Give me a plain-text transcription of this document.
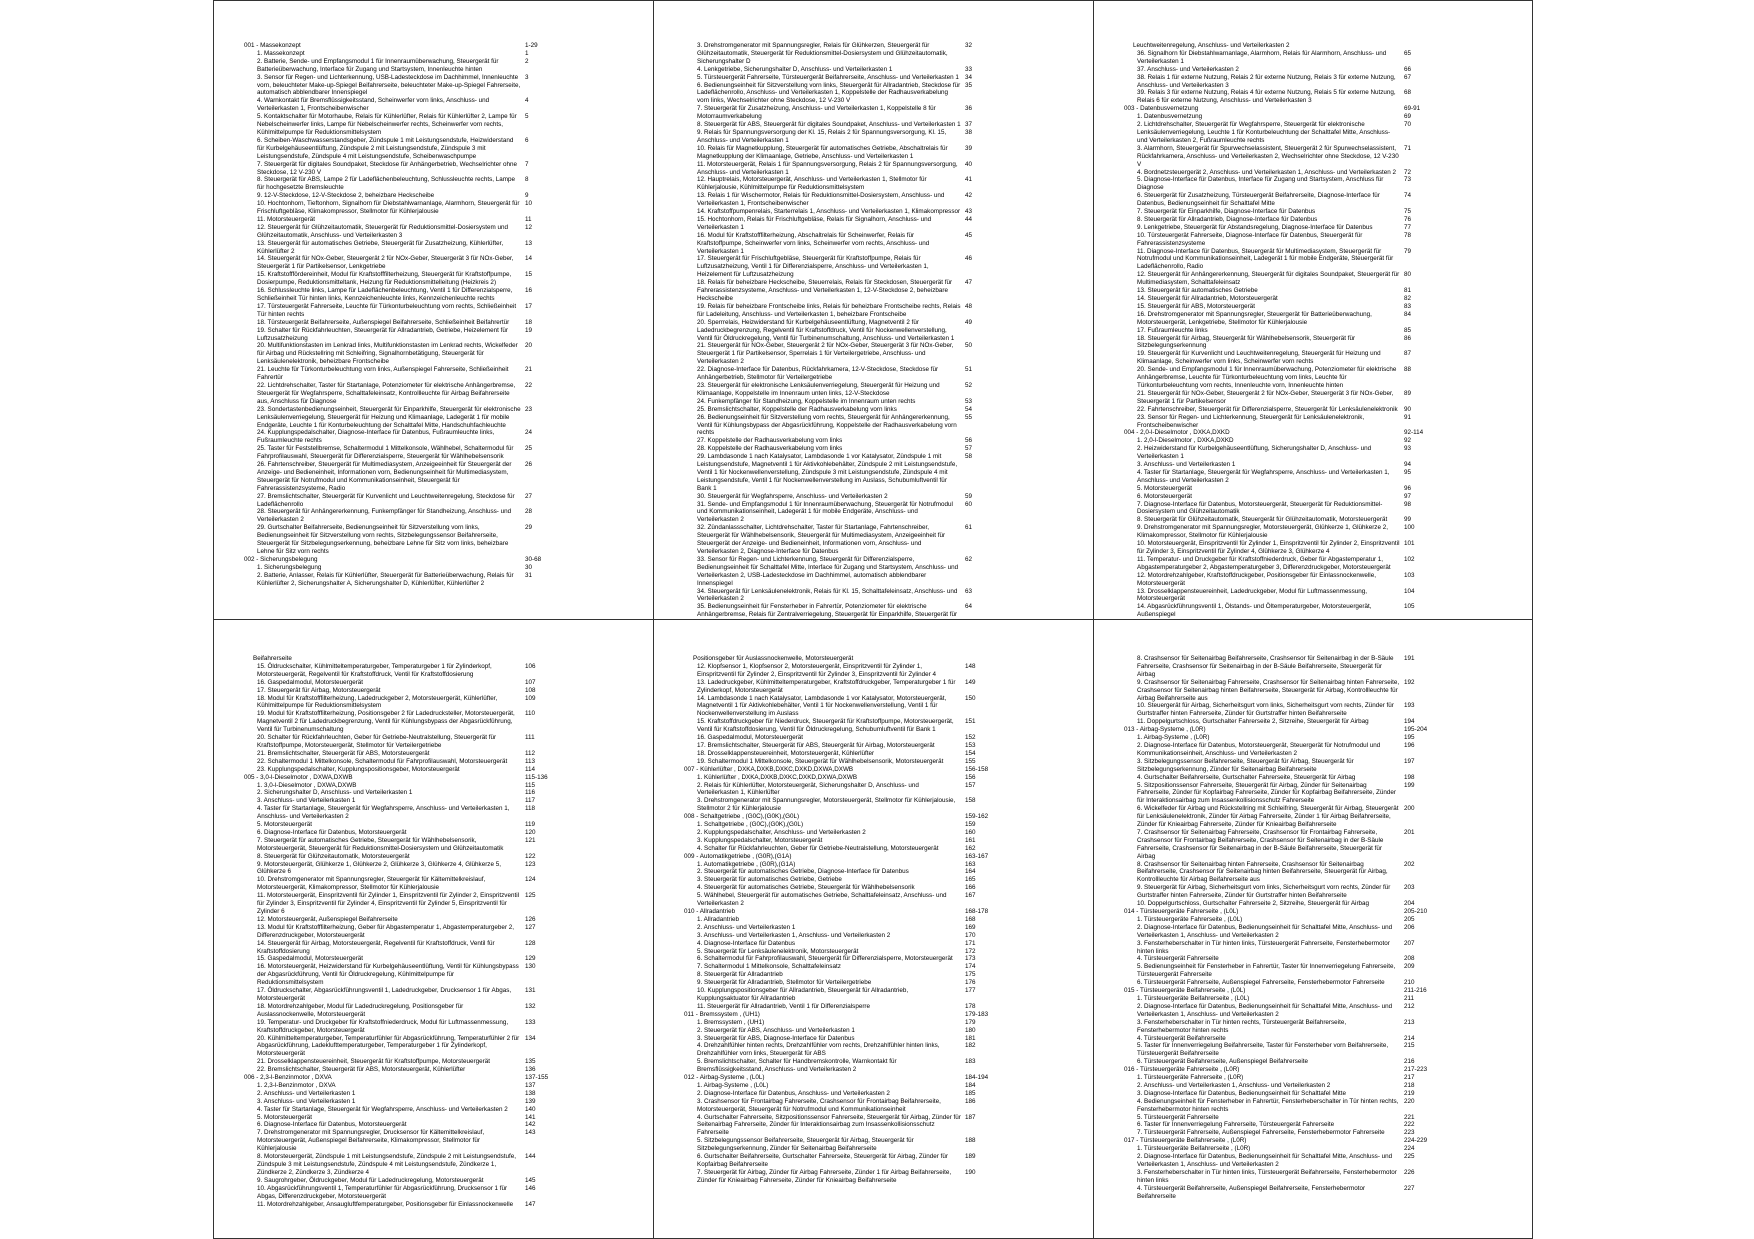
001 - Massekonzept	1-29
1. Massekonzept	1
2. Batterie, Sende- und Empfangsmodul 1 für Innenraumüberwachung, Steuergerät für Batterieüberwachung, Interface für Zugang und Startsystem, Innenleuchte hinten
2
3. Sensor für Regen- und Lichterkennung, USB-Ladesteckdose im Dachhimmel, Innenleuchte vorn, beleuchteter Make-up-Spiegel Beifahrerseite, beleuchteter Make-up-Spiegel Fahrerseite, automatisch abblendbarer Innenspiegel
3
4. Warnkontakt für Bremsflüssigkeitsstand, Scheinwerfer vorn links, Anschluss- und Verteilerkasten 1, Frontscheibenwischer
4
5. Kontaktschalter für Motorhaube, Relais für Kühlerlüfter, Relais für Kühlerlüfter 2, Lampe für Nebelscheinwerfer links, Lampe für Nebelscheinwerfer rechts, Scheinwerfer vorn rechts, Kühlmittelpumpe für Reduktionsmittelsystem
5
6. Scheiben-Waschwasserstandsgeber, Zündspule 1 mit Leistungsendstufe, Heizwiderstand für Kurbelgehäuseentlüftung, Zündspule 2 mit Leistungsendstufe, Zündspule 3 mit Leistungsendstufe, Zündspule 4 mit Leistungsendstufe, Scheibenwaschpumpe
6
7. Steuergerät für digitales Soundpaket, Steckdose für Anhängerbetrieb, Wechselrichter ohne Steckdose, 12 V-230 V
7
8. Steuergerät für ABS, Lampe 2 für Ladeflächenbeleuchtung, Schlussleuchte rechts, Lampe für hochgesetzte Bremsleuchte
8
9. 12-V-Steckdose, 12-V-Steckdose 2, beheizbare Heckscheibe	9
10. Hochtonhorn, Tieftonhorn, Signalhorn für Diebstahlwarnanlage, Alarmhorn, Steuergerät für Frischluftgebläse, Klimakompressor, Stellmotor für Kühlerjalousie
10
11. Motorsteuergerät	11
12. Steuergerät für Glühzeitautomatik, Steuergerät für Reduktionsmittel-Dosiersystem und Glühzeitautomatik, Anschluss- und Verteilerkasten 3
12
13. Steuergerät für automatisches Getriebe, Steuergerät für Zusatzheizung, Kühlerlüfter, Kühlerlüfter 2
13
14. Steuergerät für NOx-Geber, Steuergerät 2 für NOx-Geber, Steuergerät 3 für NOx-Geber, Steuergerät 1 für Partikelsensor, Lenkgetriebe
14
15. Kraftstofffördereinheit, Modul für Kraftstofffilterheizung, Steuergerät für Kraftstoffpumpe, Dosierpumpe, Reduktionsmitteltank, Heizung für Reduktionsmittelleitung (Heizkreis 2)
15
16. Schlussleuchte links, Lampe für Ladeflächenbeleuchtung, Ventil 1 für Differenzialsperre, Schließeinheit Tür hinten links, Kennzeichenleuchte links, Kennzeichenleuchte rechts
16
17. Türsteuergerät Fahrerseite, Leuchte für Türkonturbeleuchtung vorn rechts, Schließeinheit Tür hinten rechts
17
18. Türsteuergerät Beifahrerseite, Außenspiegel Beifahrerseite, Schließeinheit Beifahrertür	18
19. Schalter für Rückfahrleuchten, Steuergerät für Allradantrieb, Getriebe, Heizelement für Luftzusatzheizung
19
20. Multifunktionstasten im Lenkrad links, Multifunktionstasten im Lenkrad rechts, Wickelfeder für Airbag und Rückstellring mit Schleifring, Signalhornbetätigung, Steuergerät für Lenksäulenelektronik, beheizbare Frontscheibe
20
21. Leuchte für Türkonturbeleuchtung vorn links, Außenspiegel Fahrerseite, Schließeinheit Fahrertür
21
22. Lichtdrehschalter, Taster für Startanlage, Potenziometer für elektrische Anhängerbremse, Steuergerät für Wegfahrsperre, Schalttafeleinsatz, Kontrollleuchte für Airbag Beifahrerseite aus, Anschluss für Diagnose
22
23. Sondertastenbedienungseinheit, Steuergerät für Einparkhilfe, Steuergerät für elektronische Lenksäulenverriegelung, Steuergerät für Heizung und Klimaanlage, Ladegerät 1 für mobile Endgeräte, Leuchte 1 für Konturbeleuchtung der Schalttafel Mitte, Handschuhfachleuchte
23
24. Kupplungspedalschalter, Diagnose-Interface für Datenbus, Fußraumleuchte links, Fußraumleuchte rechts
24
25. Taster für Feststellbremse, Schaltermodul 1 Mittelkonsole, Wählhebel, Schaltermodul für Fahrprofilauswahl, Steuergerät für Differenzialsperre, Steuergerät für Wählhebelsensorik
25
26. Fahrtenschreiber, Steuergerät für Multimediasystem, Anzeigeeinheit für Steuergerät der Anzeige- und Bedieneinheit, Informationen vorn, Bedienungseinheit für Multimediasystem, Steuergerät für Notrufmodul und Kommunikationseinheit, Steuergerät für Fahrerassistenzsysteme, Radio
26
27. Bremslichtschalter, Steuergerät für Kurvenlicht und Leuchtweitenregelung, Steckdose für Ladeflächenrollo
27
28. Steuergerät für Anhängererkennung, Funkempfänger für Standheizung, Anschluss- und Verteilerkasten 2
28
29. Gurtschalter Beifahrerseite, Bedienungseinheit für Sitzverstellung vorn links, Bedienungseinheit für Sitzverstellung vorn rechts, Sitzbelegungssensor Beifahrerseite, Steuergerät für Sitzbelegungserkennung, beheizbare Lehne für Sitz vorn links, beheizbare Lehne für Sitz vorn rechts
29
002 - Sicherungsbelegung	30-68
1. Sicherungsbelegung	30
2. Batterie, Anlasser, Relais für Kühlerlüfter, Steuergerät für Batterieüberwachung, Relais für Kühlerlüfter 2, Sicherungshalter A, Sicherungshalter D, Kühlerlüfter, Kühlerlüfter 2
31
3. Drehstromgenerator mit Spannungsregler, Relais für Glühkerzen, Steuergerät für Glühzeitautomatik, Steuergerät für Reduktionsmittel-Dosiersystem und Glühzeitautomatik, Sicherungshalter D
32
4. Lenkgetriebe, Sicherungshalter D, Anschluss- und Verteilerkasten 1	33
5. Türsteuergerät Fahrerseite, Türsteuergerät Beifahrerseite, Anschluss- und Verteilerkasten 1 34
6. Bedienungseinheit für Sitzverstellung vorn links, Steuergerät für Allradantrieb, Steckdose für Ladeflächenrollo, Anschluss- und Verteilerkasten 1, Koppelstelle der Radhausverkabelung vorn links, Wechselrichter ohne Steckdose, 12 V-230 V
35
7. Steuergerät für Zusatzheizung, Anschluss- und Verteilerkasten 1, Koppelstelle 8 für Motorraumverkabelung
36
8. Steuergerät für ABS, Steuergerät für digitales Soundpaket, Anschluss- und Verteilerkasten 1 37
9. Relais für Spannungsversorgung der Kl. 15, Relais 2 für Spannungsversorgung, Kl. 15, Anschluss- und Verteilerkasten 1
38
10. Relais für Magnetkupplung, Steuergerät für automatisches Getriebe, Abschaltrelais für Magnetkupplung der Klimaanlage, Getriebe, Anschluss- und Verteilerkasten 1
39
11. Motorsteuergerät, Relais 1 für Spannungsversorgung, Relais 2 für Spannungsversorgung, Anschluss- und Verteilerkasten 1
40
12. Hauptrelais, Motorsteuergerät, Anschluss- und Verteilerkasten 1, Stellmotor für Kühlerjalousie, Kühlmittelpumpe für Reduktionsmittelsystem
41
13. Relais 1 für Wischermotor, Relais für Reduktionsmittel-Dosiersystem, Anschluss- und Verteilerkasten 1, Frontscheibenwischer
42
14. Kraftstoffpumpenrelais, Starterrelais 1, Anschluss- und Verteilerkasten 1, Klimakompressor 43
15. Hochtonhorn, Relais für Frischluftgebläse, Relais für Signalhorn, Anschluss- und Verteilerkasten 1
44
16. Modul für Kraftstofffilterheizung, Abschaltrelais für Scheinwerfer, Relais für Kraftstoffpumpe, Scheinwerfer vorn links, Scheinwerfer vorn rechts, Anschluss- und Verteilerkasten 1
45
17. Steuergerät für Frischluftgebläse, Steuergerät für Kraftstoffpumpe, Relais für Luftzusatzheizung, Ventil 1 für Differenzialsperre, Anschluss- und Verteilerkasten 1, Heizelement für Luftzusatzheizung
46
18. Relais für beheizbare Heckscheibe, Steuerrelais, Relais für Steckdosen, Steuergerät für Fahrerassistenzsysteme, Anschluss- und Verteilerkasten 1, 12-V-Steckdose 2, beheizbare Heckscheibe
47
19. Relais für beheizbare Frontscheibe links, Relais für beheizbare Frontscheibe rechts, Relais für Ladeleitung, Anschluss- und Verteilerkasten 1, beheizbare Frontscheibe
48
20. Sperrrelais, Heizwiderstand für Kurbelgehäuseentlüftung, Magnetventil 2 für Ladedruckbegrenzung, Regelventil für Kraftstoffdruck, Ventil für Nockenwellenverstellung, Ventil für Öldruckregelung, Ventil für Turbinenumschaltung, Anschluss- und Verteilerkasten 1
49
21. Steuergerät für NOx-Geber, Steuergerät 2 für NOx-Geber, Steuergerät 3 für NOx-Geber, Steuergerät 1 für Partikelsensor, Sperrelais 1 für Verteilergetriebe, Anschluss- und Verteilerkasten 2
50
22. Diagnose-Interface für Datenbus, Rückfahrkamera, 12-V-Steckdose, Steckdose für Anhängerbetrieb, Stellmotor für Verteilergetriebe
51
23. Steuergerät für elektronische Lenksäulenverriegelung, Steuergerät für Heizung und Klimaanlage, Koppelstelle im Innenraum unten links, 12-V-Steckdose
52
24. Funkempfänger für Standheizung, Koppelstelle im Innenraum unten rechts	53
25. Bremslichtschalter, Koppelstelle der Radhausverkabelung vorn links	54
26. Bedienungseinheit für Sitzverstellung vorn rechts, Steuergerät für Anhängererkennung, Ventil für Kühlungsbypass der Abgasrückführung, Koppelstelle der Radhausverkabelung vorn rechts
55
27. Koppelstelle der Radhausverkabelung vorn links	56
28. Koppelstelle der Radhausverkabelung vorn links	57
29. Lambdasonde 1 nach Katalysator, Lambdasonde 1 vor Katalysator, Zündspule 1 mit Leistungsendstufe, Magnetventil 1 für Aktivkohlebehälter, Zündspule 2 mit Leistungsendstufe, Ventil 1 für Nockenwellenverstellung, Zündspule 3 mit Leistungsendstufe, Zündspule 4 mit Leistungsendstufe, Ventil 1 für Nockenwellenverstellung im Auslass, Schubumluftventil für Bank 1
58
30. Steuergerät für Wegfahrsperre, Anschluss- und Verteilerkasten 2	59
31. Sende- und Empfangsmodul 1 für Innenraumüberwachung, Steuergerät für Notrufmodul und Kommunikationseinheit, Ladegerät 1 für mobile Endgeräte, Anschluss- und Verteilerkasten 2
60
32. Zündanlassschalter, Lichtdrehschalter, Taster für Startanlage, Fahrtenschreiber, Steuergerät für Wählhebelsensorik, Steuergerät für Multimediasystem, Anzeigeeinheit für Steuergerät der Anzeige- und Bedieneinheit, Informationen vorn, Anschluss- und Verteilerkasten 2, Diagnose-Interface für Datenbus
61
33. Sensor für Regen- und Lichterkennung, Steuergerät für Differenzialsperre, Bedienungseinheit für Schalttafel Mitte, Interface für Zugang und Startsystem, Anschluss- und Verteilerkasten 2, USB-Ladesteckdose im Dachhimmel, automatisch abblendbarer Innenspiegel
62
34. Steuergerät für Lenksäulenelektronik, Relais für Kl. 15, Schalttafeleinsatz, Anschluss- und Verteilerkasten 2
63
35. Bedienungseinheit für Fensterheber in Fahrertür, Potenziometer für elektrische Anhängerbremse, Relais für Zentralverriegelung, Steuergerät für Einparkhilfe, Steuergerät für
64
Leuchtweitenregelung, Anschluss- und Verteilerkasten 2
36. Signalhorn für Diebstahlwarnanlage, Alarmhorn, Relais für Alarmhorn, Anschluss- und Verteilerkasten 1
65
37. Anschluss- und Verteilerkasten 2	66
38. Relais 1 für externe Nutzung, Relais 2 für externe Nutzung, Relais 3 für externe Nutzung, Anschluss- und Verteilerkasten 3
67
39. Relais 3 für externe Nutzung, Relais 4 für externe Nutzung, Relais 5 für externe Nutzung, Relais 6 für externe Nutzung, Anschluss- und Verteilerkasten 3
68
003 - Datenbusvernetzung	69-91
1. Datenbusvernetzung	69
2. Lichtdrehschalter, Steuergerät für Wegfahrsperre, Steuergerät für elektronische Lenksäulenverriegelung, Leuchte 1 für Konturbeleuchtung der Schalttafel Mitte, Anschluss- und Verteilerkasten 2, Fußraumleuchte rechts
70
3. Alarmhorn, Steuergerät für Spurwechselassistent, Steuergerät 2 für Spurwechselassistent, Rückfahrkamera, Anschluss- und Verteilerkasten 2, Wechselrichter ohne Steckdose, 12 V-230 V
71
4. Bordnetzsteuergerät 2, Anschluss- und Verteilerkasten 1, Anschluss- und Verteilerkasten 2	72
5. Diagnose-Interface für Datenbus, Interface für Zugang und Startsystem, Anschluss für Diagnose
73
6. Steuergerät für Zusatzheizung, Türsteuergerät Beifahrerseite, Diagnose-Interface für Datenbus, Bedienungseinheit für Schalttafel Mitte
74
7. Steuergerät für Einparkhilfe, Diagnose-Interface für Datenbus	75
8. Steuergerät für Allradantrieb, Diagnose-Interface für Datenbus	76
9. Lenkgetriebe, Steuergerät für Abstandsregelung, Diagnose-Interface für Datenbus	77
10. Türsteuergerät Fahrerseite, Diagnose-Interface für Datenbus, Steuergerät für Fahrerassistenzsysteme
78
11. Diagnose-Interface für Datenbus, Steuergerät für Multimediasystem, Steuergerät für Notrufmodul und Kommunikationseinheit, Ladegerät 1 für mobile Endgeräte, Steuergerät für Ladeflächenrollo, Radio
79
12. Steuergerät für Anhängererkennung, Steuergerät für digitales Soundpaket, Steuergerät für Multimediasystem, Schalttafeleinsatz
80
13. Steuergerät für automatisches Getriebe	81
14. Steuergerät für Allradantrieb, Motorsteuergerät	82
15. Steuergerät für ABS, Motorsteuergerät	83
16. Drehstromgenerator mit Spannungsregler, Steuergerät für Batterieüberwachung, Motorsteuergerät, Lenkgetriebe, Stellmotor für Kühlerjalousie
84
17. Fußraumleuchte links	85
18. Steuergerät für Airbag, Steuergerät für Wählhebelsensorik, Steuergerät für Sitzbelegungserkennung
86
19. Steuergerät für Kurvenlicht und Leuchtweitenregelung, Steuergerät für Heizung und Klimaanlage, Scheinwerfer vorn links, Scheinwerfer vorn rechts
87
20. Sende- und Empfangsmodul 1 für Innenraumüberwachung, Potenziometer für elektrische Anhängerbremse, Leuchte für Türkonturbeleuchtung vorn links, Leuchte für Türkonturbeleuchtung vorn rechts, Innenleuchte vorn, Innenleuchte hinten
88
21. Steuergerät für NOx-Geber, Steuergerät 2 für NOx-Geber, Steuergerät 3 für NOx-Geber, Steuergerät 1 für Partikelsensor
89
22. Fahrtenschreiber, Steuergerät für Differenzialsperre, Steuergerät für Lenksäulenelektronik	90
23. Sensor für Regen- und Lichterkennung, Steuergerät für Lenksäulenelektronik, Frontscheibenwischer
91
004 - 2,0-l-Dieselmotor , DXKA,DXKD	92-114
1. 2,0-l-Dieselmotor , DXKA,DXKD	92
2. Heizwiderstand für Kurbelgehäuseentlüftung, Sicherungshalter D, Anschluss- und Verteilerkasten 1
93
3. Anschluss- und Verteilerkasten 1	94
4. Taster für Startanlage, Steuergerät für Wegfahrsperre, Anschluss- und Verteilerkasten 1, Anschluss- und Verteilerkasten 2
95
5. Motorsteuergerät	96
6. Motorsteuergerät	97
7. Diagnose-Interface für Datenbus, Motorsteuergerät, Steuergerät für Reduktionsmittel-Dosiersystem und Glühzeitautomatik
98
8. Steuergerät für Glühzeitautomatik, Steuergerät für Glühzeitautomatik, Motorsteuergerät	99
9. Drehstromgenerator mit Spannungsregler, Motorsteuergerät, Glühkerze 1, Glühkerze 2, Klimakompressor, Stellmotor für Kühlerjalousie
100
10. Motorsteuergerät, Einspritzventil für Zylinder 1, Einspritzventil für Zylinder 2, Einspritzventil für Zylinder 3, Einspritzventil für Zylinder 4, Glühkerze 3, Glühkerze 4
101
11. Temperatur- und Druckgeber für Kraftstoffniederdruck, Geber für Abgastemperatur 1, Abgastemperaturgeber 2, Abgastemperaturgeber 3, Differenzdruckgeber, Motorsteuergerät
102
12. Motordrehzahlgeber, Kraftstoffdruckgeber, Positionsgeber für Einlassnockenwelle, Motorsteuergerät
103
13. Drosselklappensteuereinheit, Ladedruckgeber, Modul für Luftmassenmessung, Motorsteuergerät
104
14. Abgasrückführungsventil 1, Ölstands- und Öltemperaturgeber, Motorsteuergerät, Außenspiegel
105
Beifahrerseite
15. Öldruckschalter, Kühlmitteltemperaturgeber, Temperaturgeber 1 für Zylinderkopf, Motorsteuergerät, Regelventil für Kraftstoffdruck, Ventil für Kraftstoffdosierung
106
16. Gaspedalmodul, Motorsteuergerät	107
17. Steuergerät für Airbag, Motorsteuergerät	108
18. Modul für Kraftstofffilterheizung, Ladedruckgeber 2, Motorsteuergerät, Kühlerlüfter, Kühlmittelpumpe für Reduktionsmittelsystem
109
19. Modul für Kraftstofffilterheizung, Positionsgeber 2 für Ladedrucksteller, Motorsteuergerät, Magnetventil 2 für Ladedruckbegrenzung, Ventil für Kühlungsbypass der Abgasrückführung, Ventil für Turbinenumschaltung
110
20. Schalter für Rückfahrleuchten, Geber für Getriebe-Neutralstellung, Steuergerät für Kraftstoffpumpe, Motorsteuergerät, Stellmotor für Verteilergetriebe
111
21. Bremslichtschalter, Steuergerät für ABS, Motorsteuergerät	112
22. Schaltermodul 1 Mittelkonsole, Schaltermodul für Fahrprofilauswahl, Motorsteuergerät	113
23. Kupplungspedalschalter, Kupplungspositionsgeber, Motorsteuergerät	114
005 - 3,0-l-Dieselmotor , DXWA,DXWB	115-136
1. 3,0-l-Dieselmotor , DXWA,DXWB	115
2. Sicherungshalter D, Anschluss- und Verteilerkasten 1	116
3. Anschluss- und Verteilerkasten 1	117
4. Taster für Startanlage, Steuergerät für Wegfahrsperre, Anschluss- und Verteilerkasten 1, Anschluss- und Verteilerkasten 2
118
5. Motorsteuergerät	119
6. Diagnose-Interface für Datenbus, Motorsteuergerät	120
7. Steuergerät für automatisches Getriebe, Steuergerät für Wählhebelsensorik, Motorsteuergerät, Steuergerät für Reduktionsmittel-Dosiersystem und Glühzeitautomatik
121
8. Steuergerät für Glühzeitautomatik, Motorsteuergerät	122
9. Motorsteuergerät, Glühkerze 1, Glühkerze 2, Glühkerze 3, Glühkerze 4, Glühkerze 5, Glühkerze 6
123
10. Drehstromgenerator mit Spannungsregler, Steuergerät für Kältemittelkreislauf, Motorsteuergerät, Klimakompressor, Stellmotor für Kühlerjalousie
124
11. Motorsteuergerät, Einspritzventil für Zylinder 1, Einspritzventil für Zylinder 2, Einspritzventil für Zylinder 3, Einspritzventil für Zylinder 4, Einspritzventil für Zylinder 5, Einspritzventil für Zylinder 6
125
12. Motorsteuergerät, Außenspiegel Beifahrerseite	126
13. Modul für Kraftstofffilterheizung, Geber für Abgastemperatur 1, Abgastemperaturgeber 2, Differenzdruckgeber, Motorsteuergerät
127
14. Steuergerät für Airbag, Motorsteuergerät, Regelventil für Kraftstoffdruck, Ventil für Kraftstoffdosierung
128
15. Gaspedalmodul, Motorsteuergerät	129
16. Motorsteuergerät, Heizwiderstand für Kurbelgehäuseentlüftung, Ventil für Kühlungsbypass der Abgasrückführung, Ventil für Öldruckregelung, Kühlmittelpumpe für Reduktionsmittelsystem
130
17. Öldruckschalter, Abgasrückführungsventil 1, Ladedruckgeber, Drucksensor 1 für Abgas, Motorsteuergerät
131
18. Motordrehzahlgeber, Modul für Ladedruckregelung, Positionsgeber für Auslassnockenwelle, Motorsteuergerät
132
19. Temperatur- und Druckgeber für Kraftstoffniederdruck, Modul für Luftmassenmessung, Kraftstoffdruckgeber, Motorsteuergerät
133
20. Kühlmitteltemperaturgeber, Temperaturfühler für Abgasrückführung, Temperaturfühler 2 für Abgasrückführung, Ladeklufttemperaturgeber, Temperaturgeber 1 für Zylinderkopf, Motorsteuergerät
134
21. Drosselklappensteuereinheit, Steuergerät für Kraftstoffpumpe, Motorsteuergerät	135
22. Bremslichtschalter, Steuergerät für ABS, Motorsteuergerät, Kühlerlüfter	136
006 - 2,3-l-Benzinmotor , DXVA	137-155
1. 2,3-l-Benzinmotor , DXVA	137
2. Anschluss- und Verteilerkasten 1	138
3. Anschluss- und Verteilerkasten 1	139
4. Taster für Startanlage, Steuergerät für Wegfahrsperre, Anschluss- und Verteilerkasten 2	140
5. Motorsteuergerät	141
6. Diagnose-Interface für Datenbus, Motorsteuergerät	142
7. Drehstromgenerator mit Spannungsregler, Drucksensor für Kältemittelkreislauf, Motorsteuergerät, Außenspiegel Beifahrerseite, Klimakompressor, Stellmotor für Kühlerjalousie
143
8. Motorsteuergerät, Zündspule 1 mit Leistungsendstufe, Zündspule 2 mit Leistungsendstufe, Zündspule 3 mit Leistungsendstufe, Zündspule 4 mit Leistungsendstufe, Zündkerze 1, Zündkerze 2, Zündkerze 3, Zündkerze 4
144
9. Saugrohrgeber, Öldruckgeber, Modul für Ladedruckregelung, Motorsteuergerät	145
10. Abgasrückführungsventil 1, Temperaturfühler für Abgasrückführung, Drucksensor 1 für Abgas, Differenzdruckgeber, Motorsteuergerät
146
11. Motordrehzahlgeber, Ansaugluftfemperaturgeber, Positionsgeber für Einlassnockenwelle	147
Positionsgeber für Auslassnockenwelle, Motorsteuergerät
12. Klopfsensor 1, Klopfsensor 2, Motorsteuergerät, Einspritzventil für Zylinder 1, Einspritzventil für Zylinder 2, Einspritzventil für Zylinder 3, Einspritzventil für Zylinder 4
148
13. Ladedruckgeber, Kühlmitteltemperaturgeber, Kraftstoffdruckgeber, Temperaturgeber 1 für Zylinderkopf, Motorsteuergerät
149
14. Lambdasonde 1 nach Katalysator, Lambdasonde 1 vor Katalysator, Motorsteuergerät, Magnetventil 1 für Aktivkohlebehälter, Ventil 1 für Nockenwellenverstellung, Ventil 1 für Nockenwellenverstellung im Auslass
150
15. Kraftstoffdruckgeber für Niederdruck, Steuergerät für Kraftstoffpumpe, Motorsteuergerät, Ventil für Kraftstoffdosierung, Ventil für Öldruckregelung, Schubumluftventil für Bank 1
151
16. Gaspedalmodul, Motorsteuergerät	152
17. Bremslichtschalter, Steuergerät für ABS, Steuergerät für Airbag, Motorsteuergerät	153
18. Drosselklappensteuereinheit, Motorsteuergerät, Kühlerlüfter	154
19. Schaltermodul 1 Mittelkonsole, Steuergerät für Wählhebelsensorik, Motorsteuergerät	155
007 - Kühlerlüfter , DXKA,DXKB,DXKC,DXKD,DXWA,DXWB	156-158
1. Kühlerlüfter , DXKA,DXKB,DXKC,DXKD,DXWA,DXWB	156
2. Relais für Kühlerlüfter, Motorsteuergerät, Sicherungshalter D, Anschluss- und Verteilerkasten 1, Kühlerlüfter
157
3. Drehstromgenerator mit Spannungsregler, Motorsteuergerät, Stellmotor für Kühlerjalousie, Stellmotor 2 für Kühlerjalousie
158
008 - Schaltgetriebe , (G0C),(G0K),(G0L)	159-162
1. Schaltgetriebe , (G0C),(G0K),(G0L)	159
2. Kupplungspedalschalter, Anschluss- und Verteilerkasten 2	160
3. Kupplungspedalschalter, Motorsteuergerät	161
4. Schalter für Rückfahrleuchten, Geber für Getriebe-Neutralstellung, Motorsteuergerät	162
009 - Automatikgetriebe , (G0R),(G1A)	163-167
1. Automatikgetriebe , (G0R),(G1A)	163
2. Steuergerät für automatisches Getriebe, Diagnose-Interface für Datenbus	164
3. Steuergerät für automatisches Getriebe, Getriebe	165
4. Steuergerät für automatisches Getriebe, Steuergerät für Wählhebelsensorik	166
5. Wählhebel, Steuergerät für automatisches Getriebe, Schalttafeleinsatz, Anschluss- und Verteilerkasten 2
167
010 - Allradantrieb	168-178
1. Allradantrieb	168
2. Anschluss- und Verteilerkasten 1	169
3. Anschluss- und Verteilerkasten 1, Anschluss- und Verteilerkasten 2	170
4. Diagnose-Interface für Datenbus	171
5. Steuergerät für Lenksäulenelektronik, Motorsteuergerät	172
6. Schaltermodul für Fahrprofilauswahl, Steuergerät für Differenzialsperre, Motorsteuergerät	173
7. Schaltermodul 1 Mittelkonsole, Schalttafeleinsatz	174
8. Steuergerät für Allradantrieb	175
9. Steuergerät für Allradantrieb, Stellmotor für Verteilergetriebe	176
10. Kupplungspositionsgeber für Allradantrieb, Steuergerät für Allradantrieb, Kupplungsaktuator für Allradantrieb
177
11. Steuergerät für Allradantrieb, Ventil 1 für Differenzialsperre	178
011 - Bremssystem , (UH1)	179-183
1. Bremssystem , (UH1)	179
2. Steuergerät für ABS, Anschluss- und Verteilerkasten 1	180
3. Steuergerät für ABS, Diagnose-Interface für Datenbus	181
4. Drehzahlfühler hinten rechts, Drehzahlfühler vorn rechts, Drehzahlfühler hinten links, Drehzahlfühler vorn links, Steuergerät für ABS
182
5. Bremslichtschalter, Schalter für Handbremskontrolle, Warnkontakt für Bremsflüssigkeitsstand, Anschluss- und Verteilerkasten 2
183
012 - Airbag-Systeme , (L0L)	184-194
1. Airbag-Systeme , (L0L)	184
2. Diagnose-Interface für Datenbus, Anschluss- und Verteilerkasten 2	185
3. Crashsensor für Frontairbag Fahrerseite, Crashsensor für Frontairbag Beifahrerseite, Motorsteuergerät, Steuergerät für Notrufmodul und Kommunikationseinheit
186
4. Gurtschalter Fahrerseite, Sitzpositionssensor Fahrerseite, Steuergerät für Airbag, Zünder für Seitenairbag Fahrerseite, Zünder für Interaktionsairbag zum Insassenkollisionsschutz Fahrerseite
187
5. Sitzbelegungssensor Beifahrerseite, Steuergerät für Airbag, Steuergerät für Sitzbelegungserkennung, Zünder für Seitenairbag Beifahrerseite
188
6. Gurtschalter Beifahrerseite, Gurtschalter Fahrerseite, Steuergerät für Airbag, Zünder für Kopfairbag Beifahrerseite
189
7. Steuergerät für Airbag, Zünder für Airbag Fahrerseite, Zünder 1 für Airbag Beifahrerseite, Zünder für Knieairbag Fahrerseite, Zünder für Knieairbag Beifahrerseite
190
8. Crashsensor für Seitenairbag Beifahrerseite, Crashsensor für Seitenairbag in der B-Säule Fahrerseite, Crashsensor für Seitenairbag in der B-Säule Beifahrerseite, Steuergerät für Airbag
191
9. Crashsensor für Seitenairbag Fahrerseite, Crashsensor für Seitenairbag hinten Fahrerseite, Crashsensor für Seitenairbag hinten Beifahrerseite, Steuergerät für Airbag, Kontrollleuchte für Airbag Beifahrerseite aus
192
10. Steuergerät für Airbag, Sicherheitsgurt vorn links, Sicherheitsgurt vorn rechts, Zünder für Gurtstraffer hinten Fahrerseite, Zünder für Gurtstraffer hinten Beifahrerseite
193
11. Doppelgurtschloss, Gurtschalter Fahrerseite 2, Sitzreihe, Steuergerät für Airbag	194
013 - Airbag-Systeme , (L0R)	195-204
1. Airbag-Systeme , (L0R)	195
2. Diagnose-Interface für Datenbus, Motorsteuergerät, Steuergerät für Notrufmodul und Kommunikationseinheit, Anschluss- und Verteilerkasten 2
196
3. Sitzbelegungssensor Beifahrerseite, Steuergerät für Airbag, Steuergerät für Sitzbelegungserkennung, Zünder für Seitenairbag Beifahrerseite
197
4. Gurtschalter Beifahrerseite, Gurtschalter Fahrerseite, Steuergerät für Airbag	198
5. Sitzpositionssensor Fahrerseite, Steuergerät für Airbag, Zünder für Seitenairbag Fahrerseite, Zünder für Kopfairbag Fahrerseite, Zünder für Kopfairbag Beifahrerseite, Zünder für Interaktionsairbag zum Insassenkollisionsschutz Fahrerseite
199
6. Wickelfeder für Airbag und Rückstellring mit Schleifring, Steuergerät für Airbag, Steuergerät für Lenksäulenelektronik, Zünder für Airbag Fahrerseite, Zünder 1 für Airbag Beifahrerseite, Zünder für Knieairbag Fahrerseite, Zünder für Knieairbag Beifahrerseite
200
7. Crashsensor für Seitenairbag Fahrerseite, Crashsensor für Frontairbag Fahrerseite, Crashsensor für Frontairbag Beifahrerseite, Crashsensor für Seitenairbag in der B-Säule Fahrerseite, Crashsensor für Seitenairbag in der B-Säule Beifahrerseite, Steuergerät für Airbag
201
8. Crashsensor für Seitenairbag hinten Fahrerseite, Crashsensor für Seitenairbag Beifahrerseite, Crashsensor für Seitenairbag hinten Beifahrerseite, Steuergerät für Airbag, Kontrollleuchte für Airbag Beifahrerseite aus
202
9. Steuergerät für Airbag, Sicherheitsgurt vorn links, Sicherheitsgurt vorn rechts, Zünder für Gurtstraffer hinten Fahrerseite, Zünder für Gurtstraffer hinten Beifahrerseite
203
10. Doppelgurtschloss, Gurtschalter Fahrerseite 2, Sitzreihe, Steuergerät für Airbag	204
014 - Türsteuergeräte Fahrerseite , (L0L)	205-210
1. Türsteuergeräte Fahrerseite , (L0L)	205
2. Diagnose-Interface für Datenbus, Bedienungseinheit für Schalttafel Mitte, Anschluss- und Verteilerkasten 1, Anschluss- und Verteilerkasten 2
206
3. Fensterheberschalter in Tür hinten links, Türsteuergerät Fahrerseite, Fensterhebermotor hinten links
207
4. Türsteuergerät Fahrerseite	208
5. Bedienungseinheit für Fensterheber in Fahrertür, Taster für Innenverriegelung Fahrerseite, Türsteuergerät Fahrerseite
209
6. Türsteuergerät Fahrerseite, Außenspiegel Fahrerseite, Fensterhebermotor Fahrerseite	210
015 - Türsteuergeräte Beifahrerseite , (L0L)	211-216
1. Türsteuergeräte Beifahrerseite , (L0L)	211
2. Diagnose-Interface für Datenbus, Bedienungseinheit für Schalttafel Mitte, Anschluss- und Verteilerkasten 1, Anschluss- und Verteilerkasten 2
212
3. Fensterheberschalter in Tür hinten rechts, Türsteuergerät Beifahrerseite, Fensterhebermotor hinten rechts
213
4. Türsteuergerät Beifahrerseite	214
5. Taster für Innenverriegelung Beifahrerseite, Taster für Fensterheber vorn Beifahrerseite, Türsteuergerät Beifahrerseite
215
6. Türsteuergerät Beifahrerseite, Außenspiegel Beifahrerseite	216
016 - Türsteuergeräte Fahrerseite , (L0R)	217-223
1. Türsteuergeräte Fahrerseite , (L0R)	217
2. Anschluss- und Verteilerkasten 1, Anschluss- und Verteilerkasten 2	218
3. Diagnose-Interface für Datenbus, Bedienungseinheit für Schalttafel Mitte	219
4. Bedienungseinheit für Fensterheber in Fahrertür, Fensterheberschalter in Tür hinten rechts, Fensterhebermotor hinten rechts
220
5. Türsteuergerät Fahrerseite	221
6. Taster für Innenverriegelung Fahrerseite, Türsteuergerät Fahrerseite	222
7. Türsteuergerät Fahrerseite, Außenspiegel Fahrerseite, Fensterhebermotor Fahrerseite	223
017 - Türsteuergeräte Beifahrerseite , (L0R)	224-229
1. Türsteuergeräte Beifahrerseite , (L0R)	224
2. Diagnose-Interface für Datenbus, Bedienungseinheit für Schalttafel Mitte, Anschluss- und Verteilerkasten 1, Anschluss- und Verteilerkasten 2
225
3. Fensterheberschalter in Tür hinten links, Türsteuergerät Beifahrerseite, Fensterhebermotor hinten links
226
4. Türsteuergerät Beifahrerseite, Außenspiegel Beifahrerseite, Fensterhebermotor Beifahrerseite
227
